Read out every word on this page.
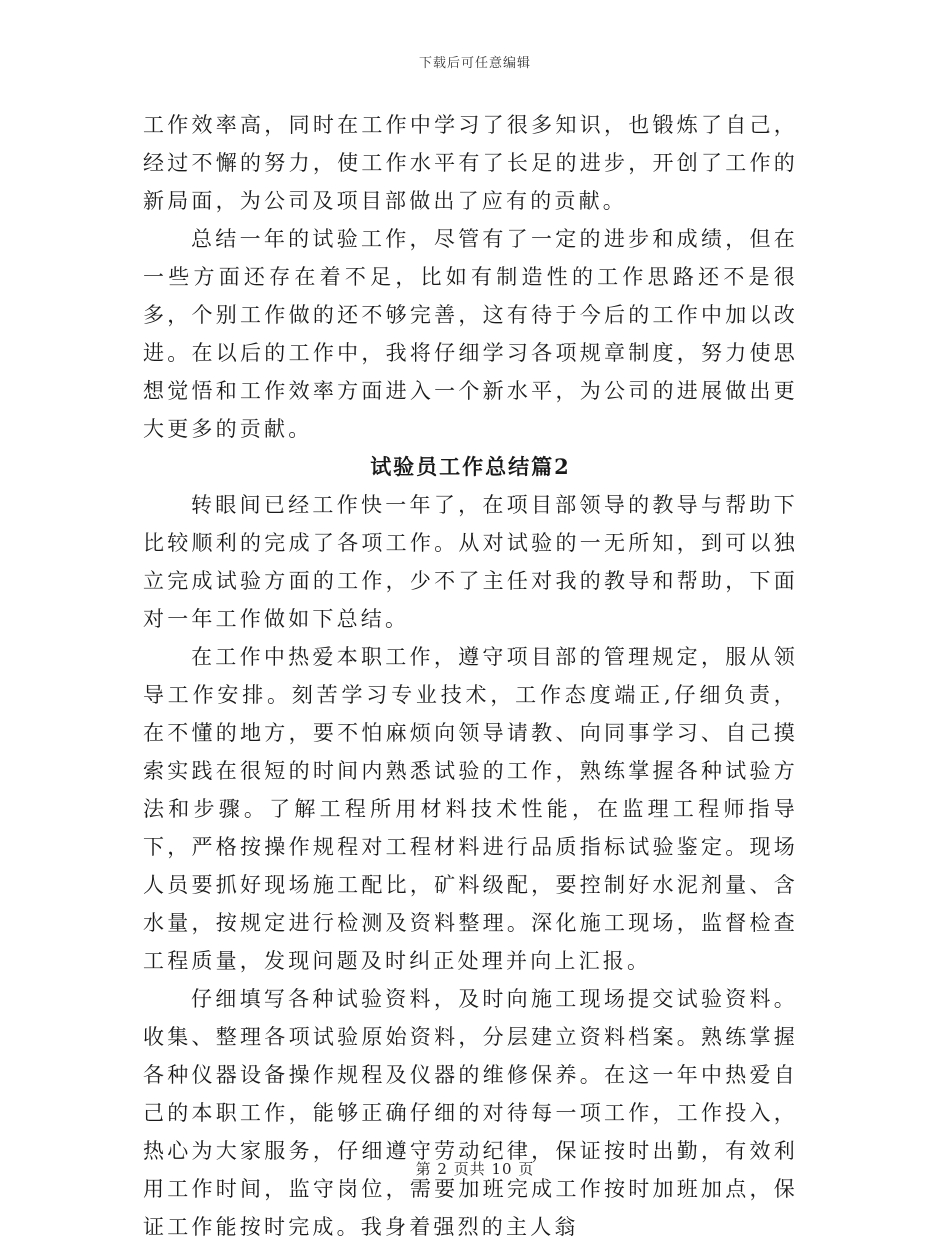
下载后可任意编辑

工作效率高，同时在工作中学习了很多知识，也锻炼了自己，经过不懈的努力，使工作水平有了长足的进步，开创了工作的新局面，为公司及项目部做出了应有的贡献。

总结一年的试验工作，尽管有了一定的进步和成绩，但在一些方面还存在着不足，比如有制造性的工作思路还不是很多，个别工作做的还不够完善，这有待于今后的工作中加以改进。在以后的工作中，我将仔细学习各项规章制度，努力使思想觉悟和工作效率方面进入一个新水平，为公司的进展做出更大更多的贡献。

试验员工作总结篇2

转眼间已经工作快一年了，在项目部领导的教导与帮助下比较顺利的完成了各项工作。从对试验的一无所知，到可以独立完成试验方面的工作，少不了主任对我的教导和帮助，下面对一年工作做如下总结。

在工作中热爱本职工作，遵守项目部的管理规定，服从领导工作安排。刻苦学习专业技术，工作态度端正,仔细负责，在不懂的地方，要不怕麻烦向领导请教、向同事学习、自己摸索实践在很短的时间内熟悉试验的工作，熟练掌握各种试验方法和步骤。了解工程所用材料技术性能，在监理工程师指导下，严格按操作规程对工程材料进行品质指标试验鉴定。现场人员要抓好现场施工配比，矿料级配，要控制好水泥剂量、含水量，按规定进行检测及资料整理。深化施工现场，监督检查工程质量，发现问题及时纠正处理并向上汇报。

仔细填写各种试验资料，及时向施工现场提交试验资料。收集、整理各项试验原始资料，分层建立资料档案。熟练掌握各种仪器设备操作规程及仪器的维修保养。在这一年中热爱自己的本职工作，能够正确仔细的对待每一项工作，工作投入，热心为大家服务，仔细遵守劳动纪律，保证按时出勤，有效利用工作时间，监守岗位，需要加班完成工作按时加班加点，保证工作能按时完成。我身着强烈的主人翁

第 2 页共 10 页
